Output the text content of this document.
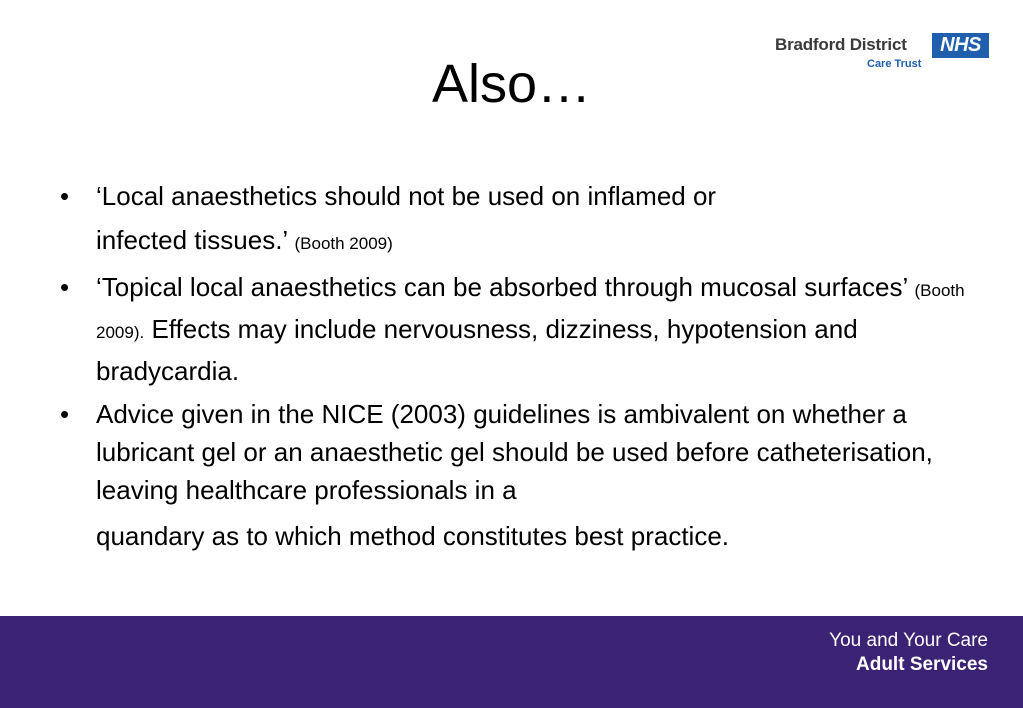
Bradford District	NHS
Care Trust
Also…
• ‘Local anaesthetics should not be used on inflamed or
infected tissues.’ (Booth 2009)
• ‘Topical local anaesthetics can be absorbed through mucosal surfaces’ (Booth 2009). Effects may include nervousness, dizziness, hypotension and bradycardia.
• Advice given in the NICE (2003) guidelines is ambivalent on whether a lubricant gel or an anaesthetic gel should be used before catheterisation, leaving healthcare professionals in a quandary as to which method constitutes best practice.
You and Your Care
Adult Services
